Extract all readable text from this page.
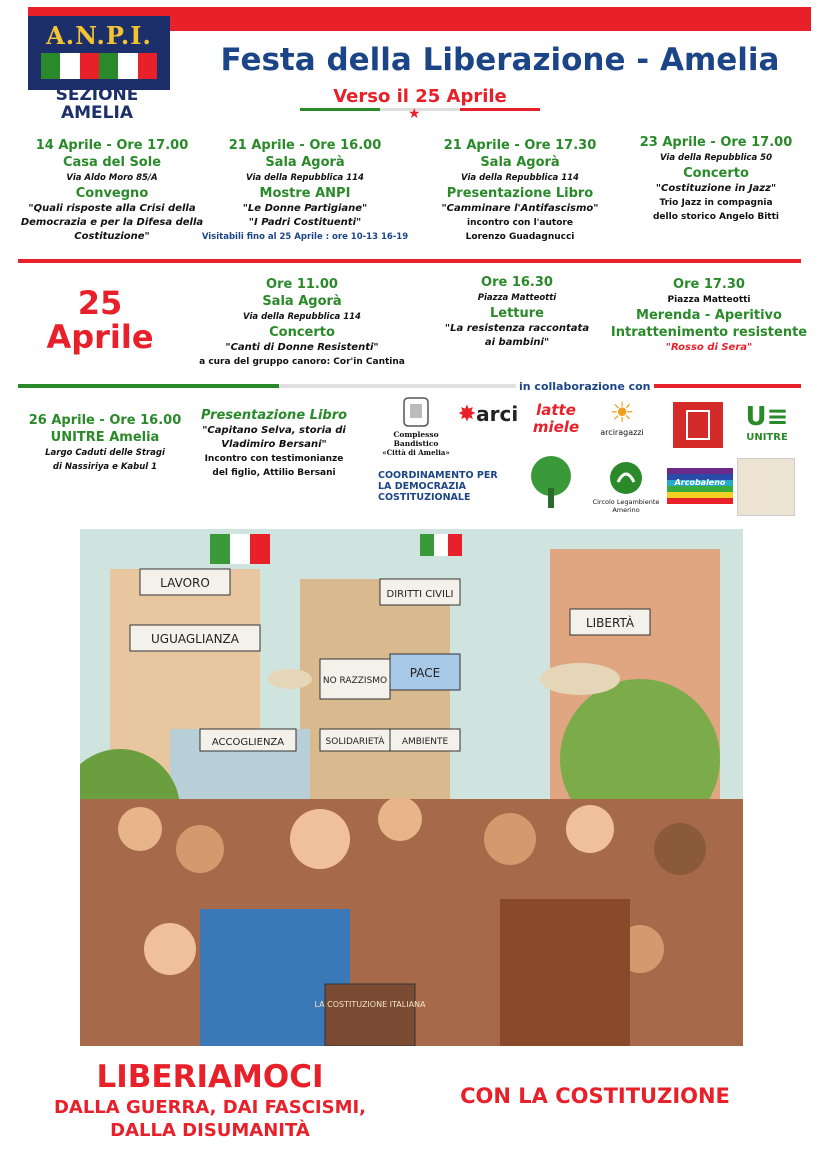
A.N.P.I.
SEZIONE
AMELIA
Festa della Liberazione - Amelia
Verso il 25 Aprile
★
14 Aprile - Ore 17.00
Casa del Sole
Via Aldo Moro 85/A
Convegno
"Quali risposte alla Crisi della Democrazia e per la Difesa della Costituzione"
21 Aprile - Ore 16.00
Sala Agorà
Via della Repubblica 114
Mostre ANPI
"Le Donne Partigiane"
"I Padri Costituenti"
Visitabili fino al 25 Aprile : ore 10-13 16-19
21 Aprile - Ore 17.30
Sala Agorà
Via della Repubblica 114
Presentazione Libro
"Camminare l'Antifascismo"
incontro con l'autore
Lorenzo Guadagnucci
23 Aprile - Ore 17.00
Via della Repubblica 50
Concerto
"Costituzione in Jazz"
Trio Jazz in compagnia
dello storico Angelo Bitti
25
Aprile
Ore 11.00
Sala Agorà
Via della Repubblica 114
Concerto
"Canti di Donne Resistenti"
a cura del gruppo canoro: Cor'in Cantina
Ore 16.30
Piazza Matteotti
Letture
"La resistenza raccontata ai bambini"
Ore 17.30
Piazza Matteotti
Merenda - Aperitivo
Intrattenimento resistente
"Rosso di Sera"
in collaborazione con
26 Aprile - Ore 16.00
UNITRE Amelia
Largo Caduti delle Stragi
di Nassiriya e Kabul 1
Presentazione Libro
"Capitano Selva, storia di
Vladimiro Bersani"
Incontro con testimonianze
del figlio, Attilio Bersani
Complesso Bandistico
«Città di Amelia»
✸arci	latte miele	☀
arciragazzi
U≡
UNITRE
COORDINAMENTO PER LA DEMOCRAZIA COSTITUZIONALE	Circolo Legambiente Amerino
Arcobaleno
LAVORO
UGUAGLIANZA
DIRITTI CIVILI
LIBERTÀ
NO RAZZISMO
PACE
ACCOGLIENZA	SOLIDARIETÀ AMBIENTE
LA COSTITUZIONE ITALIANA
LIBERIAMOCI
DALLA GUERRA, DAI FASCISMI,
DALLA DISUMANITÀ
CON LA COSTITUZIONE
